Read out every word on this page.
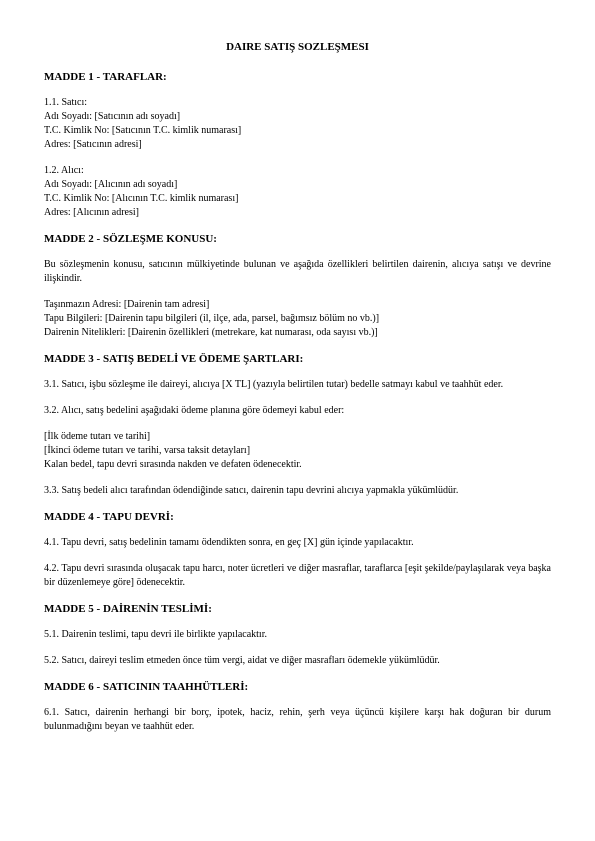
DAIRE SATIŞ SOZLEŞMESI
MADDE 1 - TARAFLAR:
1.1. Satıcı:
Adı Soyadı: [Satıcının adı soyadı]
T.C. Kimlik No: [Satıcının T.C. kimlik numarası]
Adres: [Satıcının adresi]
1.2. Alıcı:
Adı Soyadı: [Alıcının adı soyadı]
T.C. Kimlik No: [Alıcının T.C. kimlik numarası]
Adres: [Alıcının adresi]
MADDE 2 - SÖZLEŞME KONUSU:
Bu sözleşmenin konusu, satıcının mülkiyetinde bulunan ve aşağıda özellikleri belirtilen dairenin, alıcıya satışı ve devrine ilişkindir.
Taşınmazın Adresi: [Dairenin tam adresi]
Tapu Bilgileri: [Dairenin tapu bilgileri (il, ilçe, ada, parsel, bağımsız bölüm no vb.)]
Dairenin Nitelikleri: [Dairenin özellikleri (metrekare, kat numarası, oda sayısı vb.)]
MADDE 3 - SATIŞ BEDELİ VE ÖDEME ŞARTLARI:
3.1. Satıcı, işbu sözleşme ile daireyi, alıcıya [X TL] (yazıyla belirtilen tutar) bedelle satmayı kabul ve taahhüt eder.
3.2. Alıcı, satış bedelini aşağıdaki ödeme planına göre ödemeyi kabul eder:
[İlk ödeme tutarı ve tarihi]
[İkinci ödeme tutarı ve tarihi, varsa taksit detayları]
Kalan bedel, tapu devri sırasında nakden ve defaten ödenecektir.
3.3. Satış bedeli alıcı tarafından ödendiğinde satıcı, dairenin tapu devrini alıcıya yapmakla yükümlüdür.
MADDE 4 - TAPU DEVRİ:
4.1. Tapu devri, satış bedelinin tamamı ödendikten sonra, en geç [X] gün içinde yapılacaktır.
4.2. Tapu devri sırasında oluşacak tapu harcı, noter ücretleri ve diğer masraflar, taraflarca [eşit şekilde/paylaşılarak veya başka bir düzenlemeye göre] ödenecektir.
MADDE 5 - DAİRENİN TESLİMİ:
5.1. Dairenin teslimi, tapu devri ile birlikte yapılacaktır.
5.2. Satıcı, daireyi teslim etmeden önce tüm vergi, aidat ve diğer masrafları ödemekle yükümlüdür.
MADDE 6 - SATICININ TAAHHÜTLERİ:
6.1. Satıcı, dairenin herhangi bir borç, ipotek, haciz, rehin, şerh veya üçüncü kişilere karşı hak doğuran bir durum bulunmadığını beyan ve taahhüt eder.
